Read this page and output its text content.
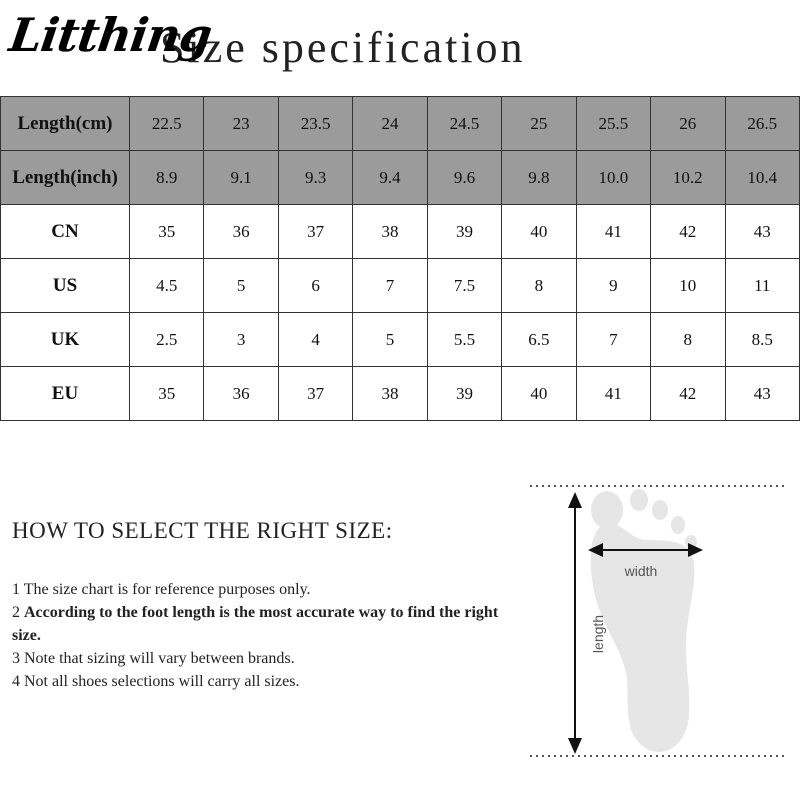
Size specification
Litthing
Length(cm)	22.5	23	23.5	24	24.5	25	25.5	26	26.5
Length(inch)	8.9	9.1	9.3	9.4	9.6	9.8	10.0	10.2	10.4
CN	35	36	37	38	39	40	41	42	43
US	4.5	5	6	7	7.5	8	9	10	11
UK	2.5	3	4	5	5.5	6.5	7	8	8.5
EU	35	36	37	38	39	40	41	42	43
HOW TO SELECT THE RIGHT SIZE:
1 The size chart is for reference purposes only.
2 According to the foot length is the most accurate way to find the right size.
3 Note that sizing will vary between brands.
4 Not all shoes selections will carry all sizes.
width
length
